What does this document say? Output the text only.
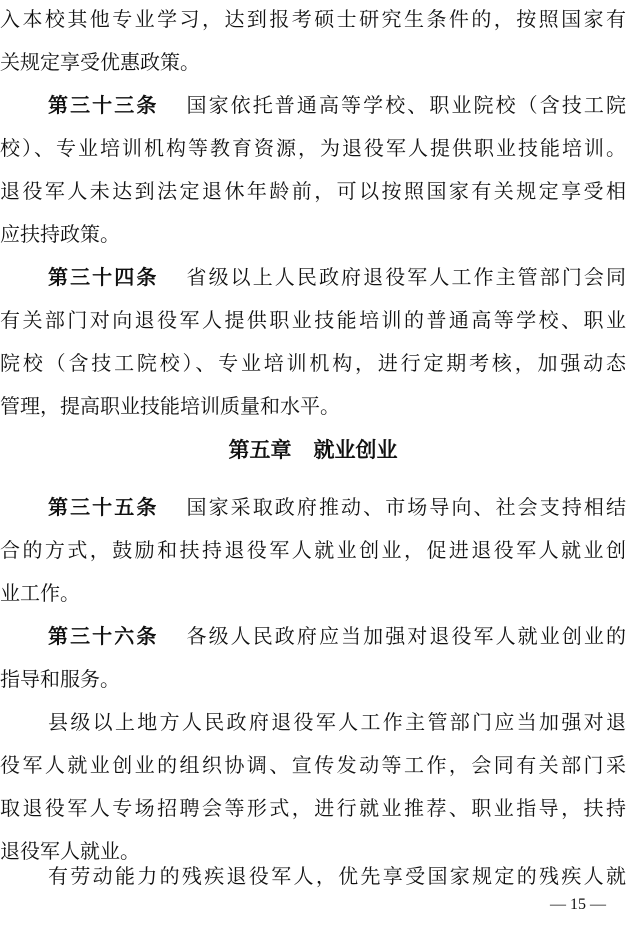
入本校其他专业学习，达到报考硕士研究生条件的，按照国家有
关规定享受优惠政策。
第三十三条 国家依托普通高等学校、职业院校（含技工院
校）、专业培训机构等教育资源，为退役军人提供职业技能培训。
退役军人未达到法定退休年龄前，可以按照国家有关规定享受相
应扶持政策。
第三十四条 省级以上人民政府退役军人工作主管部门会同
有关部门对向退役军人提供职业技能培训的普通高等学校、职业
院校（含技工院校）、专业培训机构，进行定期考核，加强动态
管理，提高职业技能培训质量和水平。
第五章 就业创业
第三十五条 国家采取政府推动、市场导向、社会支持相结
合的方式，鼓励和扶持退役军人就业创业，促进退役军人就业创
业工作。
第三十六条 各级人民政府应当加强对退役军人就业创业的
指导和服务。
县级以上地方人民政府退役军人工作主管部门应当加强对退
役军人就业创业的组织协调、宣传发动等工作，会同有关部门采
取退役军人专场招聘会等形式，进行就业推荐、职业指导，扶持
退役军人就业。
有劳动能力的残疾退役军人，优先享受国家规定的残疾人就
— 15 —
